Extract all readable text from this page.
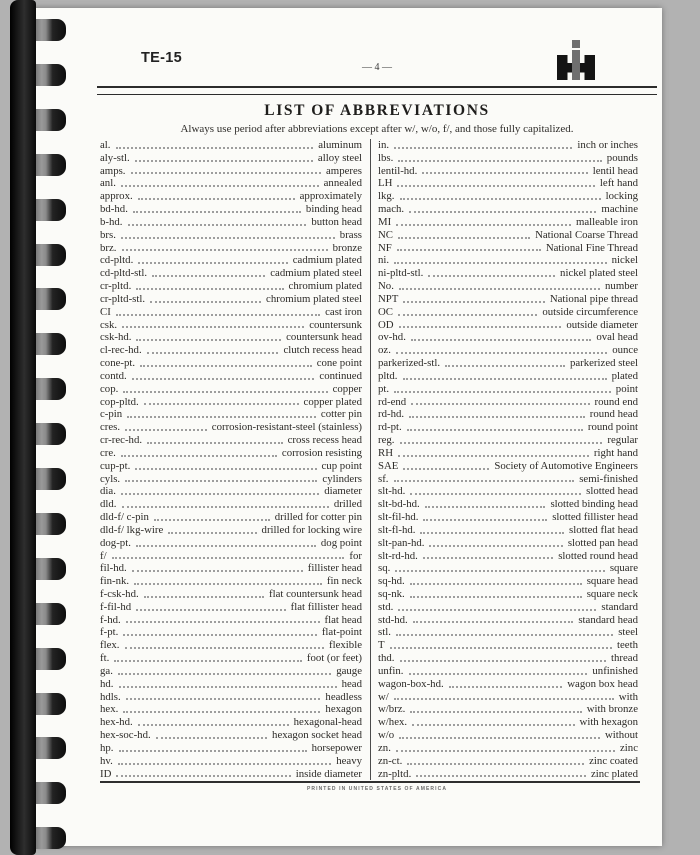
TE-15
— 4 —
LIST OF ABBREVIATIONS

Always use period after abbreviations except after w/, w/o, f/, and those fully capitalized.

al.	aluminum
aly-stl.	alloy steel
amps.	amperes
anl.	annealed
approx.	approximately
bd-hd.	binding head
b-hd.	button head
brs.	brass
brz.	bronze
cd-pltd.	cadmium plated
cd-pltd-stl.	cadmium plated steel
cr-pltd.	chromium plated
cr-pltd-stl.	chromium plated steel
CI	cast iron
csk.	countersunk
csk-hd.	countersunk head
cl-rec-hd.	clutch recess head
cone-pt.	cone point
contd.	continued
cop.	copper
cop-pltd.	copper plated
c-pin	cotter pin
cres.	corrosion-resistant-steel (stainless)
cr-rec-hd.	cross recess head
cre.	corrosion resisting
cup-pt.	cup point
cyls.	cylinders
dia.	diameter
dld.	drilled
dld-f/ c-pin	drilled for cotter pin
dld-f/ lkg-wire	drilled for locking wire
dog-pt.	dog point
f/	for
fil-hd.	fillister head
fin-nk.	fin neck
f-csk-hd.	flat countersunk head
f-fil-hd	flat fillister head
f-hd.	flat head
f-pt.	flat-point
flex.	flexible
ft.	foot (or feet)
ga.	gauge
hd.	head
hdls.	headless
hex.	hexagon
hex-hd.	hexagonal-head
hex-soc-hd.	hexagon socket head
hp.	horsepower
hv.	heavy
ID	inside diameter
in.	inch or inches
lbs.	pounds
lentil-hd.	lentil head
LH	left hand
lkg.	locking
mach.	machine
MI	malleable iron
NC	National Coarse Thread
NF	National Fine Thread
ni.	nickel
ni-pltd-stl.	nickel plated steel
No.	number
NPT	National pipe thread
OC	outside circumference
OD	outside diameter
ov-hd.	oval head
oz.	ounce
parkerized-stl.	parkerized steel
pltd.	plated
pt.	point
rd-end	round end
rd-hd.	round head
rd-pt.	round point
reg.	regular
RH	right hand
SAE	Society of Automotive Engineers
sf.	semi-finished
slt-hd.	slotted head
slt-bd-hd.	slotted binding head
slt-fil-hd.	slotted fillister head
slt-fl-hd.	slotted flat head
slt-pan-hd.	slotted pan head
slt-rd-hd.	slotted round head
sq.	square
sq-hd.	square head
sq-nk.	square neck
std.	standard
std-hd.	standard head
stl.	steel
T	teeth
thd.	thread
unfin.	unfinished
wagon-box-hd.	wagon box head
w/	with
w/brz.	with bronze
w/hex.	with hexagon
w/o	without
zn.	zinc
zn-ct.	zinc coated
zn-pltd.	zinc plated
PRINTED IN UNITED STATES OF AMERICA
